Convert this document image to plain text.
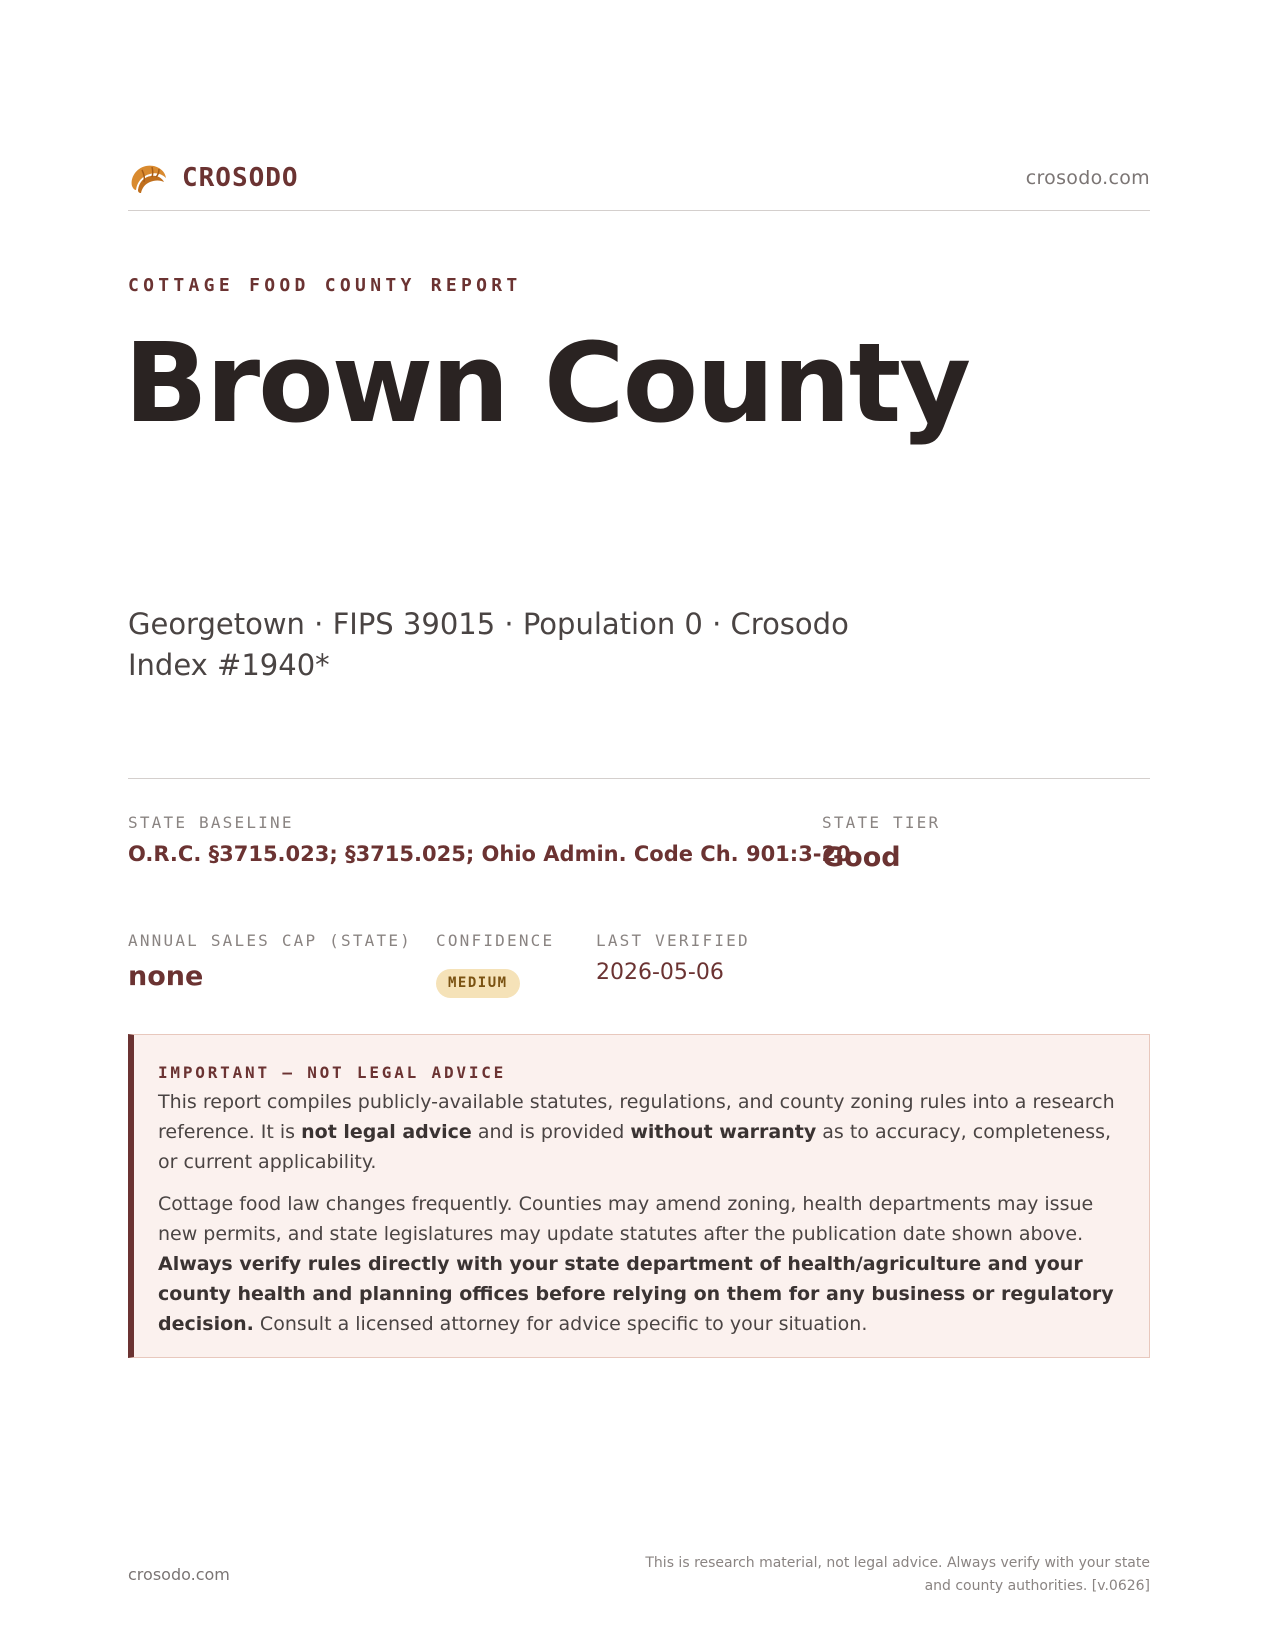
CROSODO	crosodo.com
COTTAGE FOOD COUNTY REPORT
Brown County
Georgetown · FIPS 39015 · Population 0 · Crosodo Index #1940*
STATE BASELINE
O.R.C. §3715.023; §3715.025; Ohio Admin. Code Ch. 901:3-20
STATE TIER
Good
ANNUAL SALES CAP (STATE)
none
CONFIDENCE
MEDIUM
LAST VERIFIED
2026-05-06
IMPORTANT — NOT LEGAL ADVICE

This report compiles publicly-available statutes, regulations, and county zoning rules into a research reference. It is not legal advice and is provided without warranty as to accuracy, completeness, or current applicability.

Cottage food law changes frequently. Counties may amend zoning, health departments may issue new permits, and state legislatures may update statutes after the publication date shown above. Always verify rules directly with your state department of health/agriculture and your county health and planning offices before relying on them for any business or regulatory decision. Consult a licensed attorney for advice specific to your situation.

crosodo.com
This is research material, not legal advice. Always verify with your state and county authorities. [v.0626]
